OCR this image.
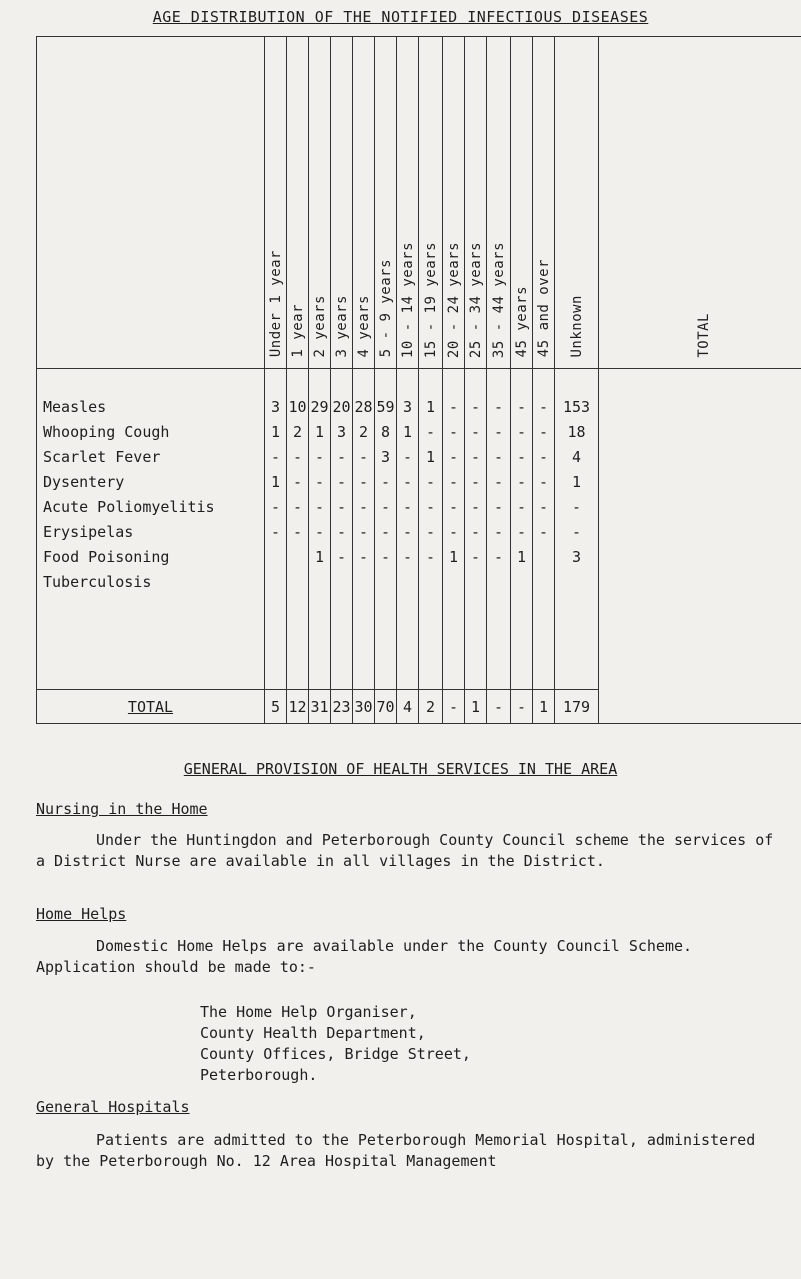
AGE DISTRIBUTION OF THE NOTIFIED INFECTIOUS DISEASES

	Under 1 year	1 year	2 years	3 years	4 years	5 - 9 years	10 - 14 years	15 - 19 years	20 - 24 years	25 - 34 years	35 - 44 years	45 years	45 and over	Unknown	TOTAL

Measles	3	10	29	20	28	59	3	1	-	-	-	-	-	153	
Whooping Cough	1	2	1	3	2	8	1	-	-	-	-	-	-	18	
Scarlet Fever	-	-	-	-	-	3	-	1	-	-	-	-	-	4	
Dysentery	1	-	-	-	-	-	-	-	-	-	-	-	-	1	
Acute Poliomyelitis	-	-	-	-	-	-	-	-	-	-	-	-	-	-	
Erysipelas	-	-	-	-	-	-	-	-	-	-	-	-	-	-	
Food Poisoning			1	-	-	-	-	-	1	-	-	1		3	
Tuberculosis															

TOTAL	5	12	31	23	30	70	4	2	-	1	-	-	1	179	
GENERAL PROVISION OF HEALTH SERVICES IN THE AREA
Nursing in the Home

Under the Huntingdon and Peterborough County Council scheme the services of a District Nurse are available in all villages in the District.

Home Helps

Domestic Home Helps are available under the County Council Scheme. Application should be made to:-

The Home Help Organiser,
County Health Department,
County Offices, Bridge Street,
Peterborough.
General Hospitals

Patients are admitted to the Peterborough Memorial Hospital, administered by the Peterborough No. 12 Area Hospital Management
